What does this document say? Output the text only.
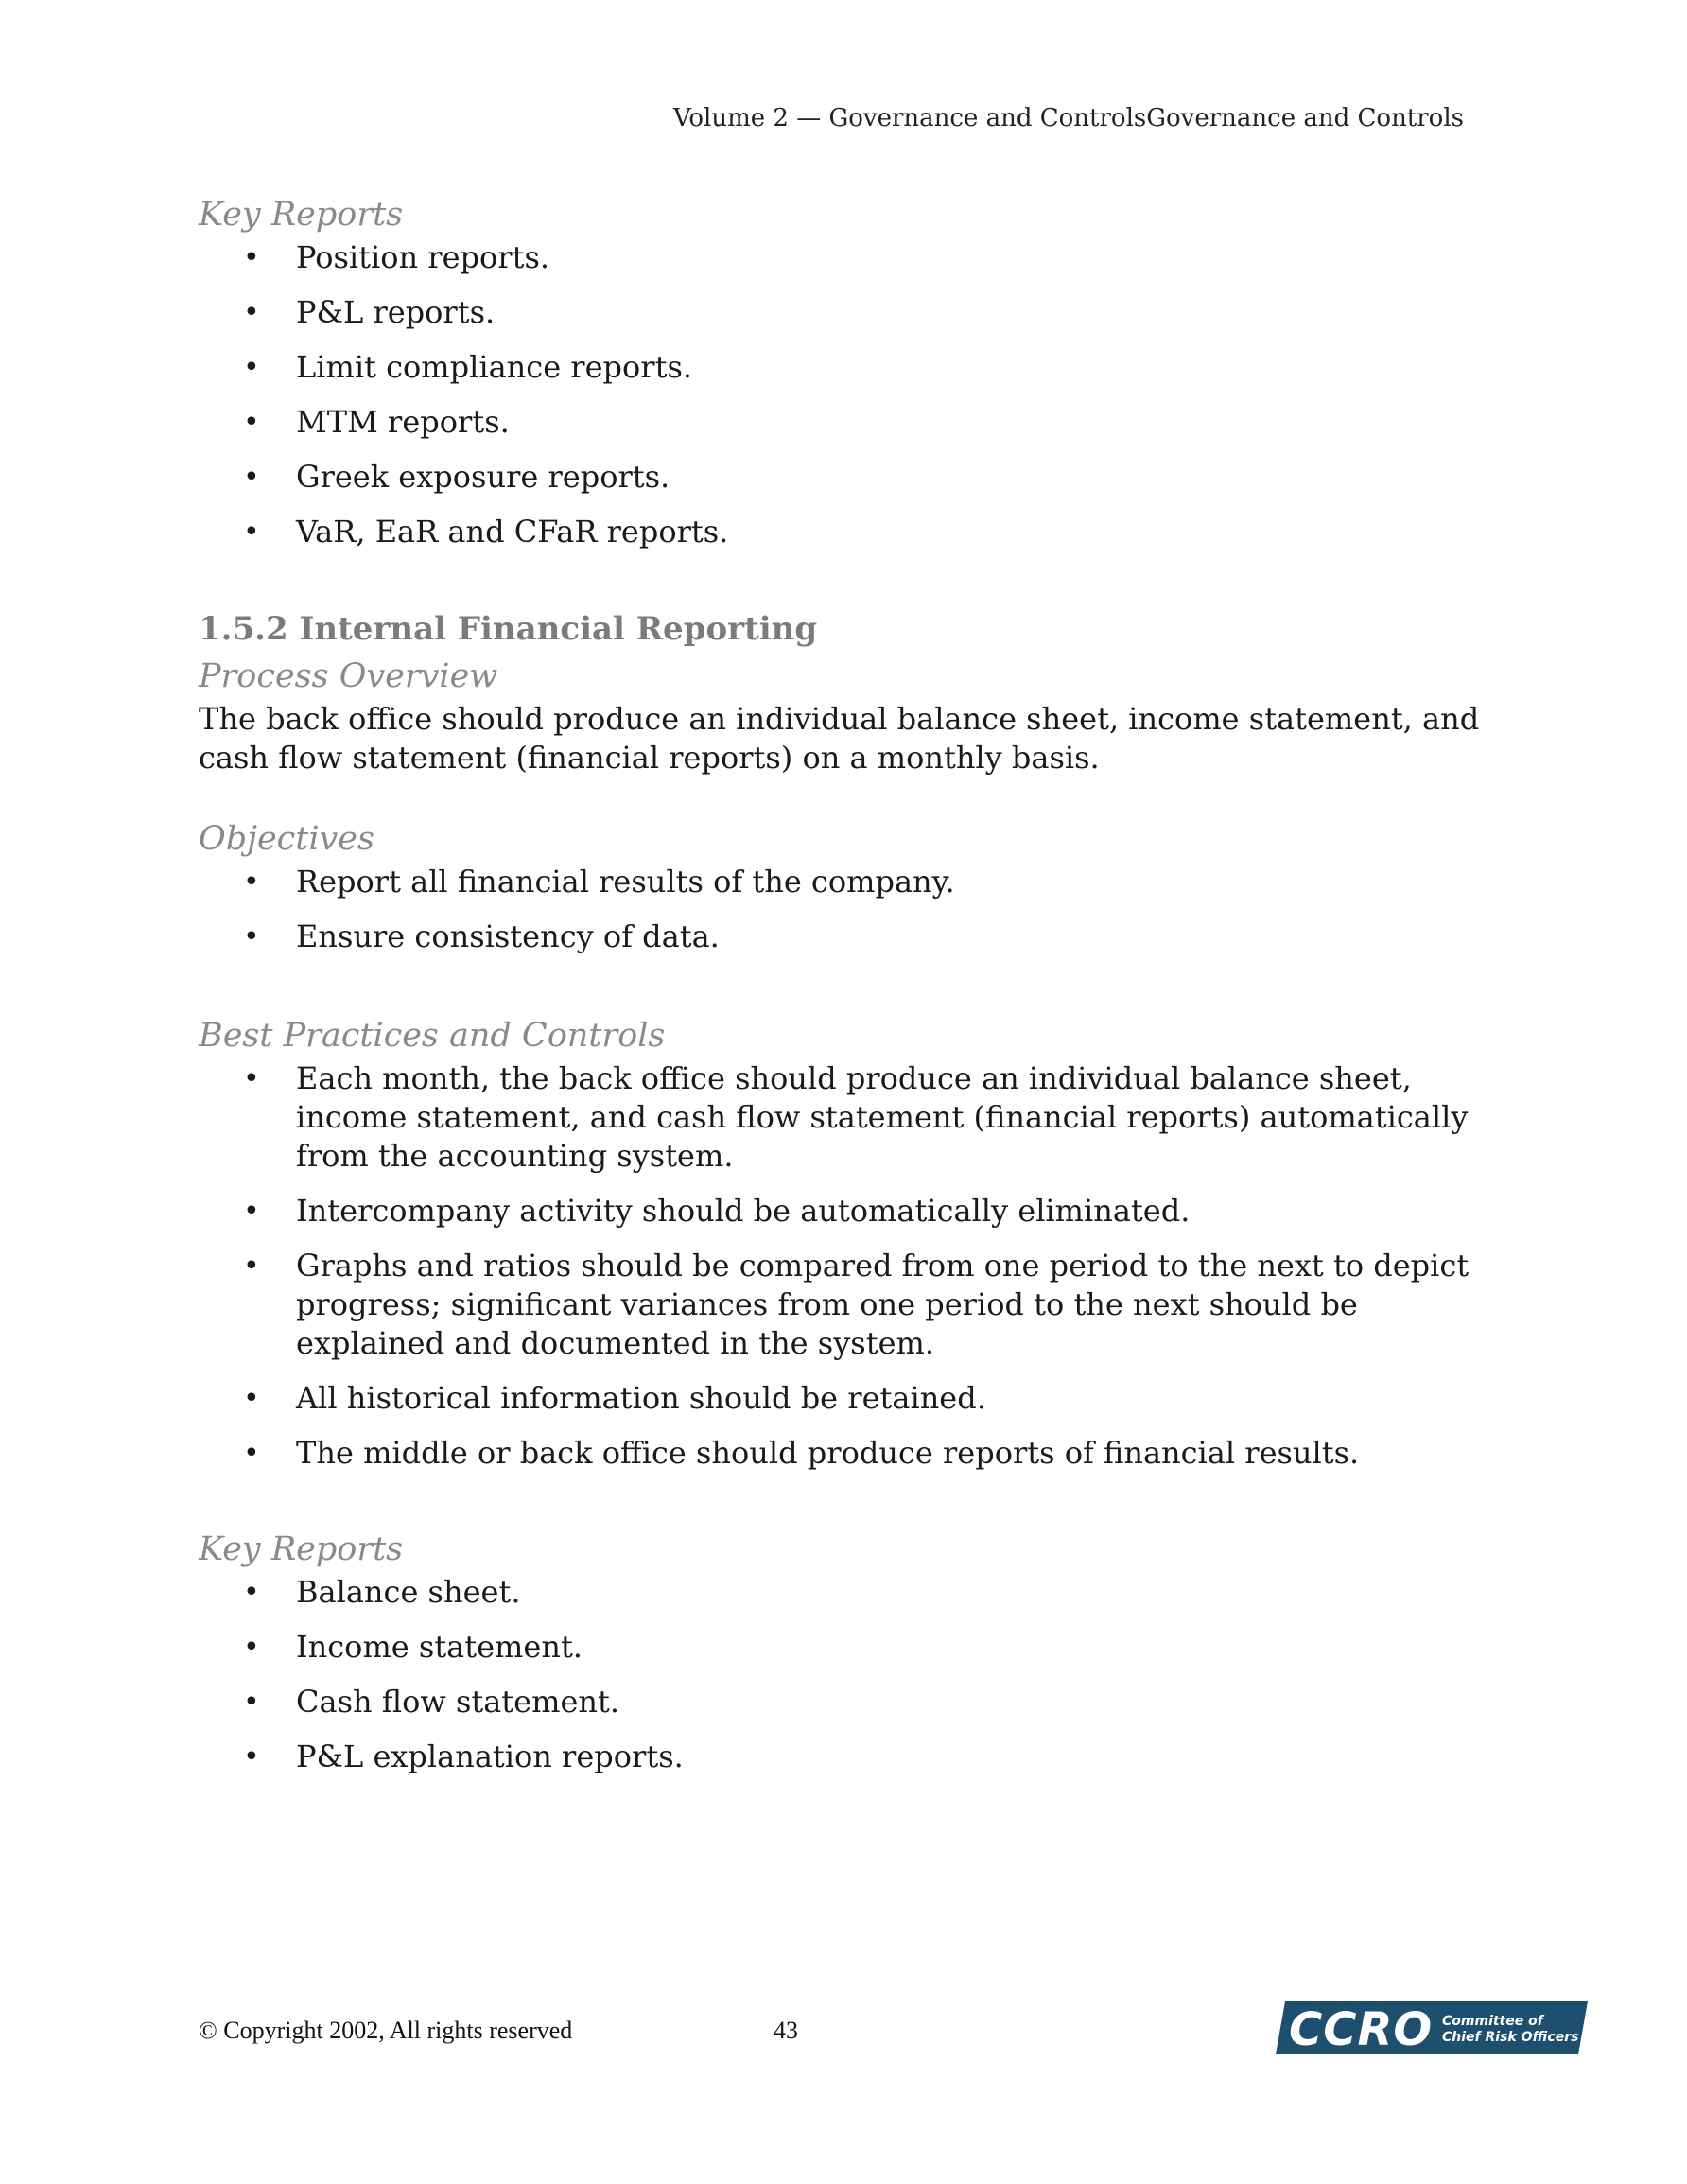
Volume 2 — Governance and ControlsGovernance and Controls
Key Reports
• Position reports.
• P&L reports.
• Limit compliance reports.
• MTM reports.
• Greek exposure reports.
• VaR, EaR and CFaR reports.
1.5.2 Internal Financial Reporting
Process Overview

The back office should produce an individual balance sheet, income statement, and cash flow statement (financial reports) on a monthly basis.

Objectives
• Report all financial results of the company.
• Ensure consistency of data.
Best Practices and Controls
• Each month, the back office should produce an individual balance sheet, income statement, and cash flow statement (financial reports) automatically from the accounting system.
• Intercompany activity should be automatically eliminated.
• Graphs and ratios should be compared from one period to the next to depict progress; significant variances from one period to the next should be explained and documented in the system.
• All historical information should be retained.
• The middle or back office should produce reports of financial results.
Key Reports
• Balance sheet.
• Income statement.
• Cash flow statement.
• P&L explanation reports.
© Copyright 2002, All rights reserved	43	CCRO Committee of
Chief Risk Officers
